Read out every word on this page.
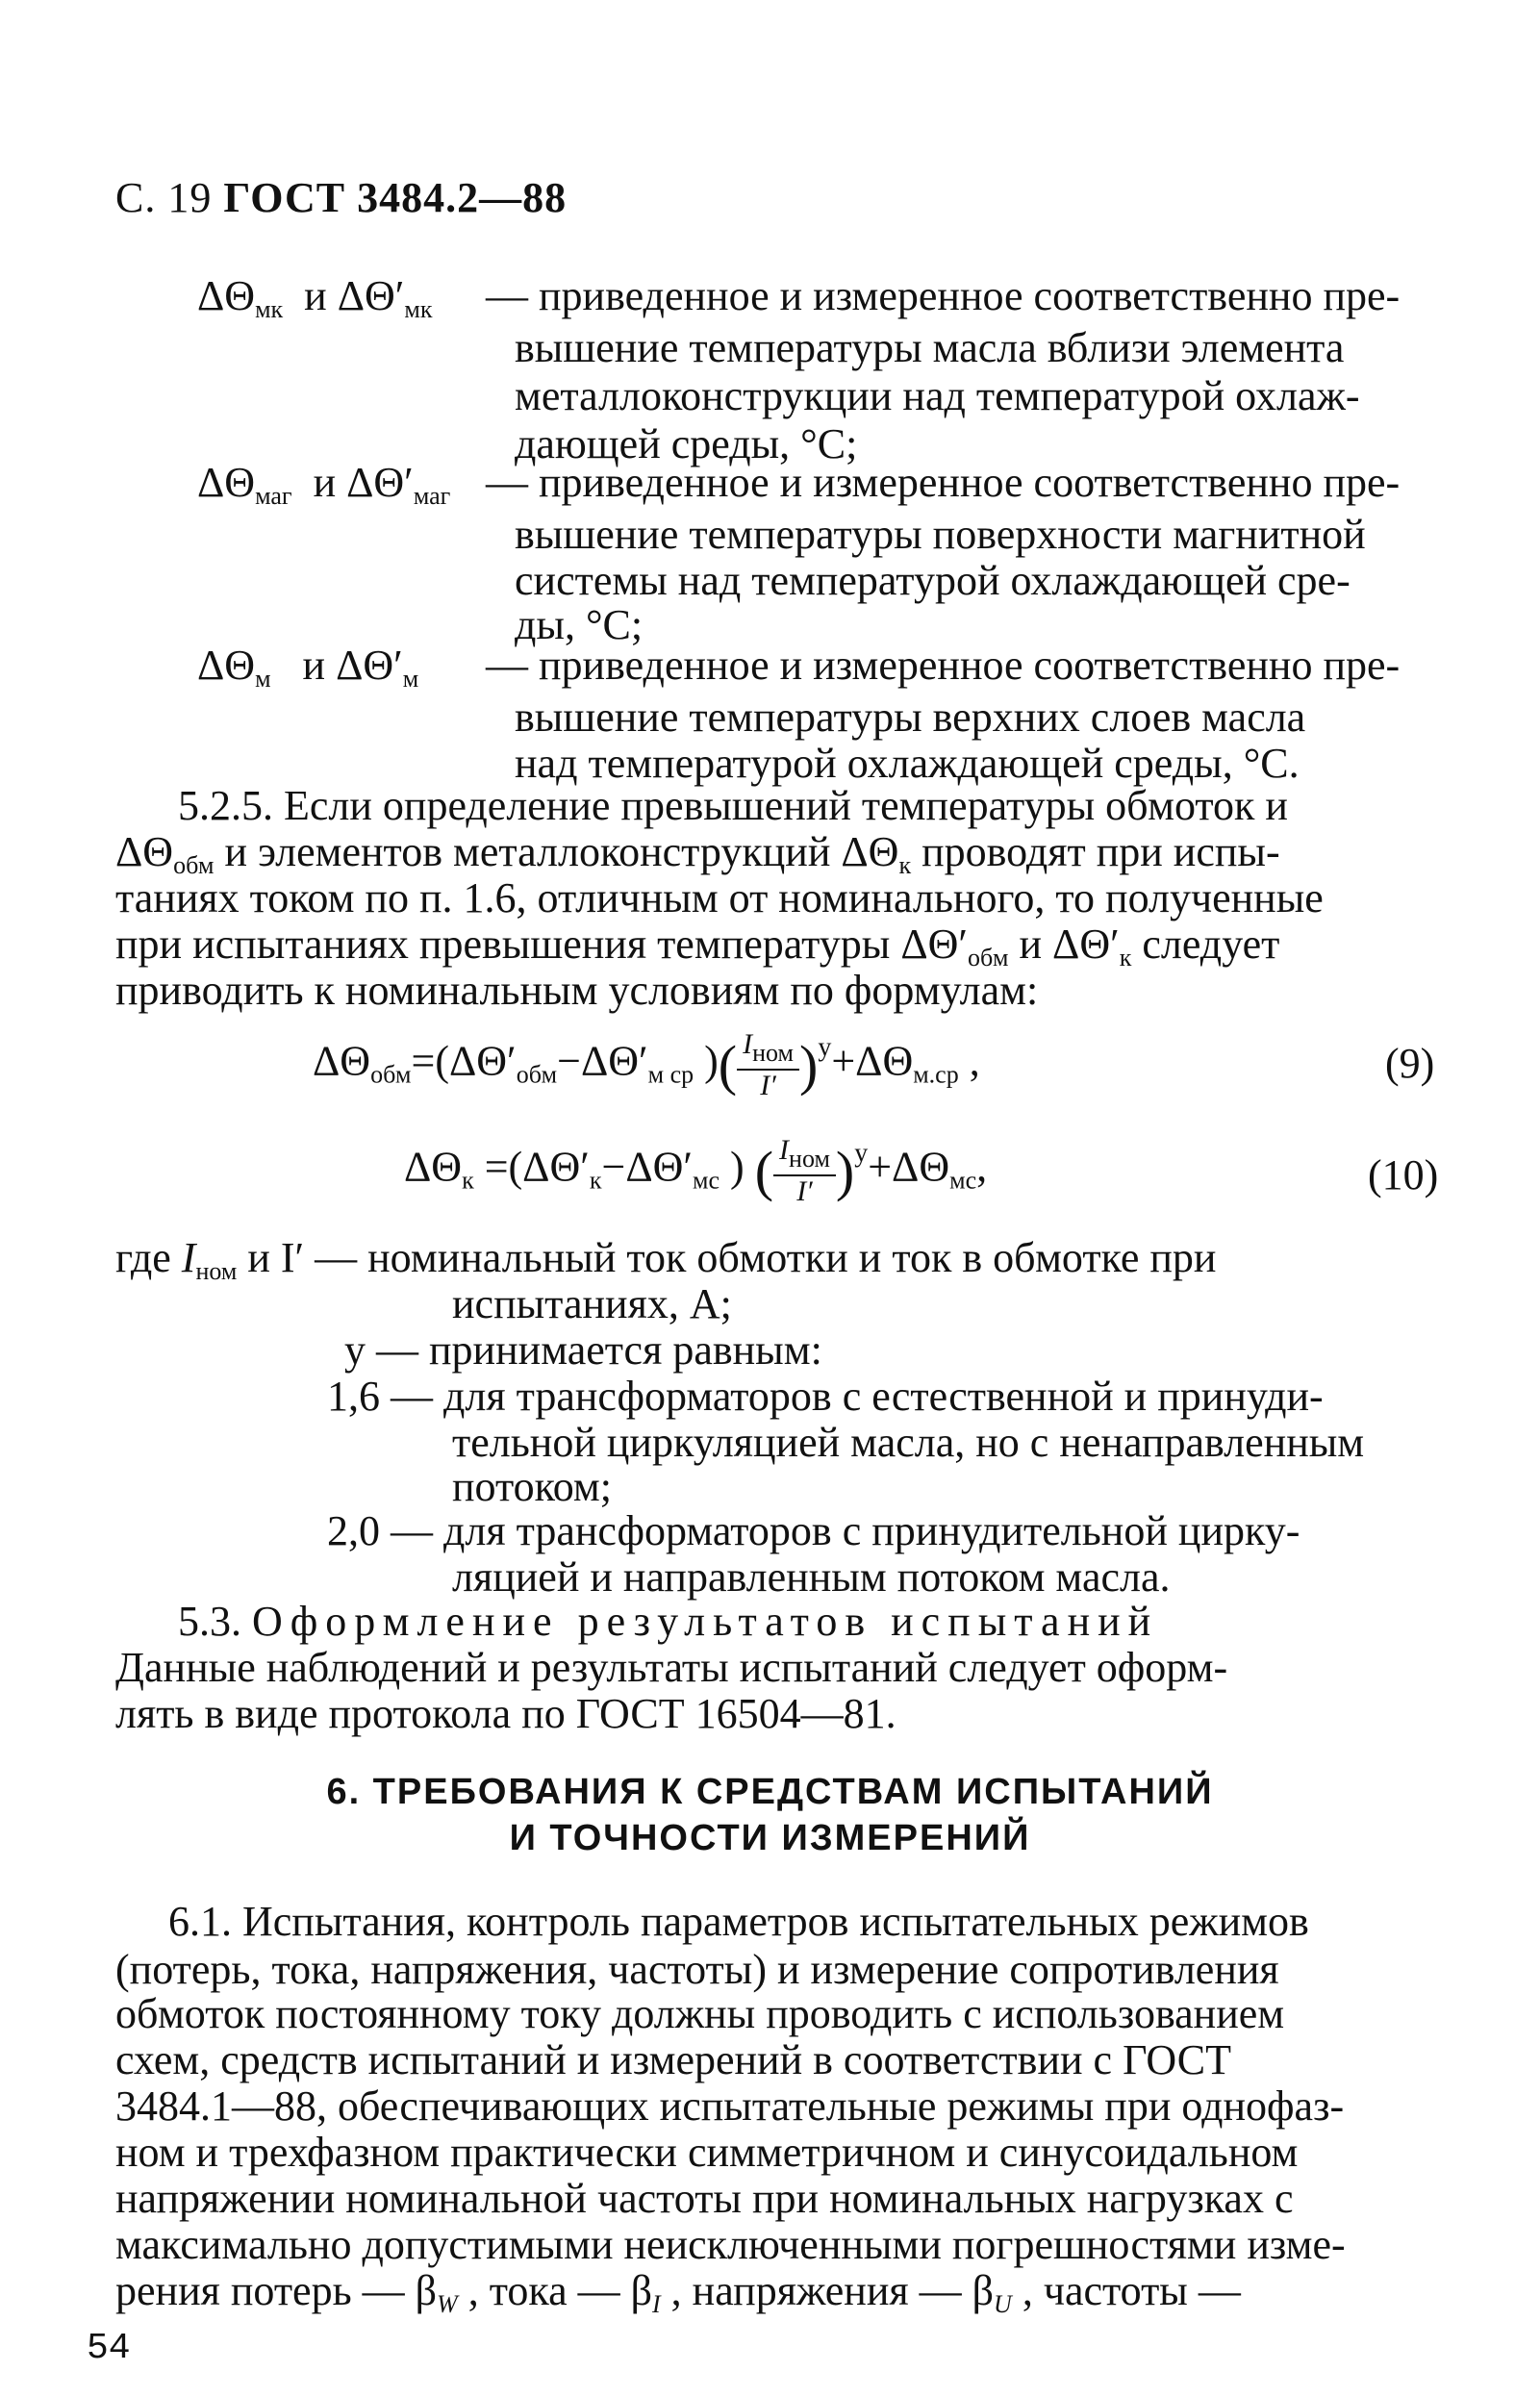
С. 19 ГОСТ 3484.2—88
$\Delta\Theta_{мк}$ и $\Delta\Theta'_{мк}$ — приведенное и измеренное соответственно пре-
вышение температуры масла вблизи элемента
металлоконструкции над температурой охлаж-
дающей среды, °С;
$\Delta\Theta_{маг}$ и $\Delta\Theta'_{маг}$ — приведенное и измеренное соответственно пре-
вышение температуры поверхности магнитной
системы над температурой охлаждающей сре-
ды, °С;
$\Delta\Theta_м$ и $\Delta\Theta'_м$ — приведенное и измеренное соответственно пре-
вышение температуры верхних слоев масла
над температурой охлаждающей среды, °С.
5.2.5. Если определение превышений температуры обмоток и
$\Delta\Theta_{обм}$ и элементов металлоконструкций $\Delta\Theta_к$ проводят при испы-
таниях током по п. 1.6, отличным от номинального, то полученные
при испытаниях превышения температуры $\Delta\Theta'_{обм}$ и $\Delta\Theta'_к$ следует
приводить к номинальным условиям по формулам:
$\Delta\Theta_{обм}=(\Delta\Theta'_{обм}-\Delta\Theta'_{м ср}$ )( $\frac{I_{ном}}{I'} )^y+\Delta\Theta_{м.ср}$ ,	(9)
$\Delta\Theta_к =(\Delta\Theta'_к-\Delta\Theta'_{мс}$ ) ( $\frac{I_{ном}}{I'} )^y+\Delta\Theta_{мс}$,	(10)
где $I_{ном}$ и I′ — номинальный ток обмотки и ток в обмотке при
испытаниях, А;
y — принимается равным:
1,6 — для трансформаторов с естественной и принуди-
тельной циркуляцией масла, но с ненаправленным
потоком;
2,0 — для трансформаторов с принудительной цирку-
ляцией и направленным потоком масла.
5.3. Оформление результатов испытаний
Данные наблюдений и результаты испытаний следует оформ-
лять в виде протокола по ГОСТ 16504—81.
6. ТРЕБОВАНИЯ К СРЕДСТВАМ ИСПЫТАНИЙ
И ТОЧНОСТИ ИЗМЕРЕНИЙ
6.1. Испытания, контроль параметров испытательных режимов
(потерь, тока, напряжения, частоты) и измерение сопротивления
обмоток постоянному току должны проводить с использованием
схем, средств испытаний и измерений в соответствии с ГОСТ
3484.1—88, обеспечивающих испытательные режимы при однофаз-
ном и трехфазном практически симметричном и синусоидальном
напряжении номинальной частоты при номинальных нагрузках с
максимально допустимыми неисключенными погрешностями изме-
рения потерь — $\beta_W$ , тока — $\beta_I$ , напряжения — $\beta_U$ , частоты —
54
